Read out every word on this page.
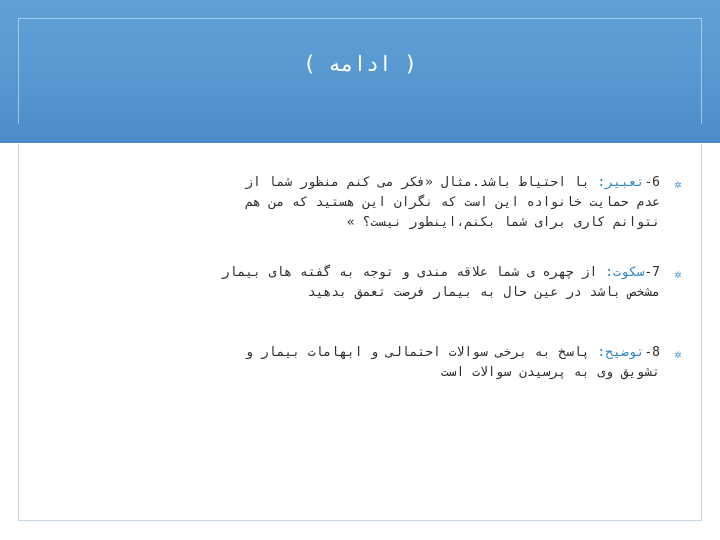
( ادامه )
✲
6-تعبیر: با احتیاط باشد.مثال «فکر می کنم منظور شما از
عدم حمایت خانواده این است که نگران این هستید که من هم
نتوانم کاری برای شما بکنم،اینطور نیست؟ »
✲
7-سکوت: از چهره ی شما علاقه مندی و توجه به گفته های بیمار
مشخص باشد در عین حال به بیمار فرصت تعمق بدهید
✲
8-توضیح: پاسخ به برخی سوالات احتمالی و ابهامات بیمار و
تشویق وی به پرسیدن سوالات است
